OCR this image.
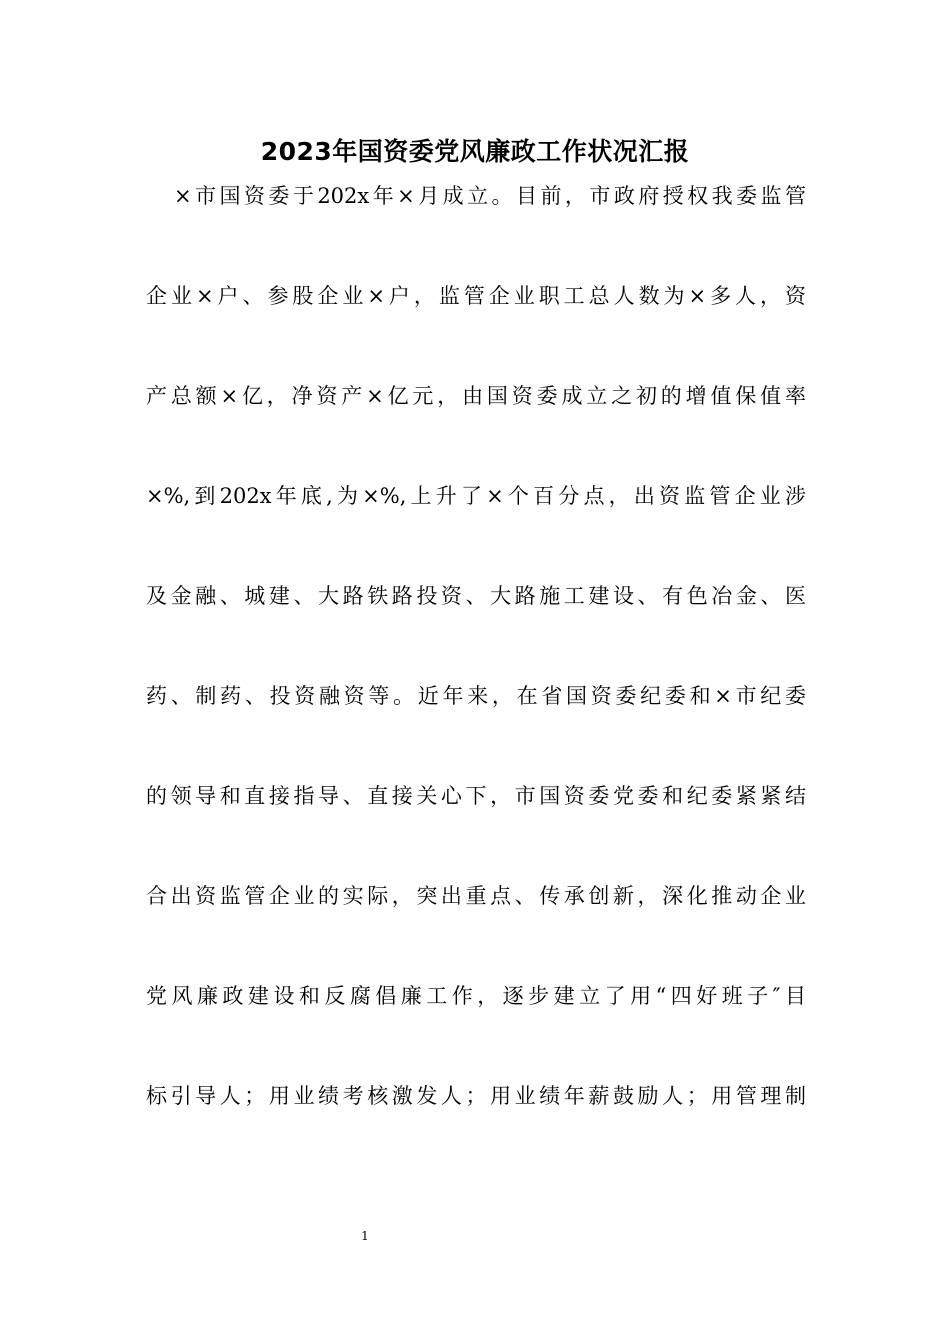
2023年国资委党风廉政工作状况汇报
×市国资委于202x年×月成立。目前，市政府授权我委监管
企业×户、参股企业×户，监管企业职工总人数为×多人，资
产总额×亿，净资产×亿元，由国资委成立之初的增值保值率
×%,到202x年底,为×%,上升了×个百分点，出资监管企业涉
及金融、城建、大路铁路投资、大路施工建设、有色冶金、医
药、制药、投资融资等。近年来，在省国资委纪委和×市纪委
的领导和直接指导、直接关心下，市国资委党委和纪委紧紧结
合出资监管企业的实际，突出重点、传承创新，深化推动企业
党风廉政建设和反腐倡廉工作，逐步建立了用“四好班子″目
标引导人；用业绩考核激发人；用业绩年薪鼓励人；用管理制
1
